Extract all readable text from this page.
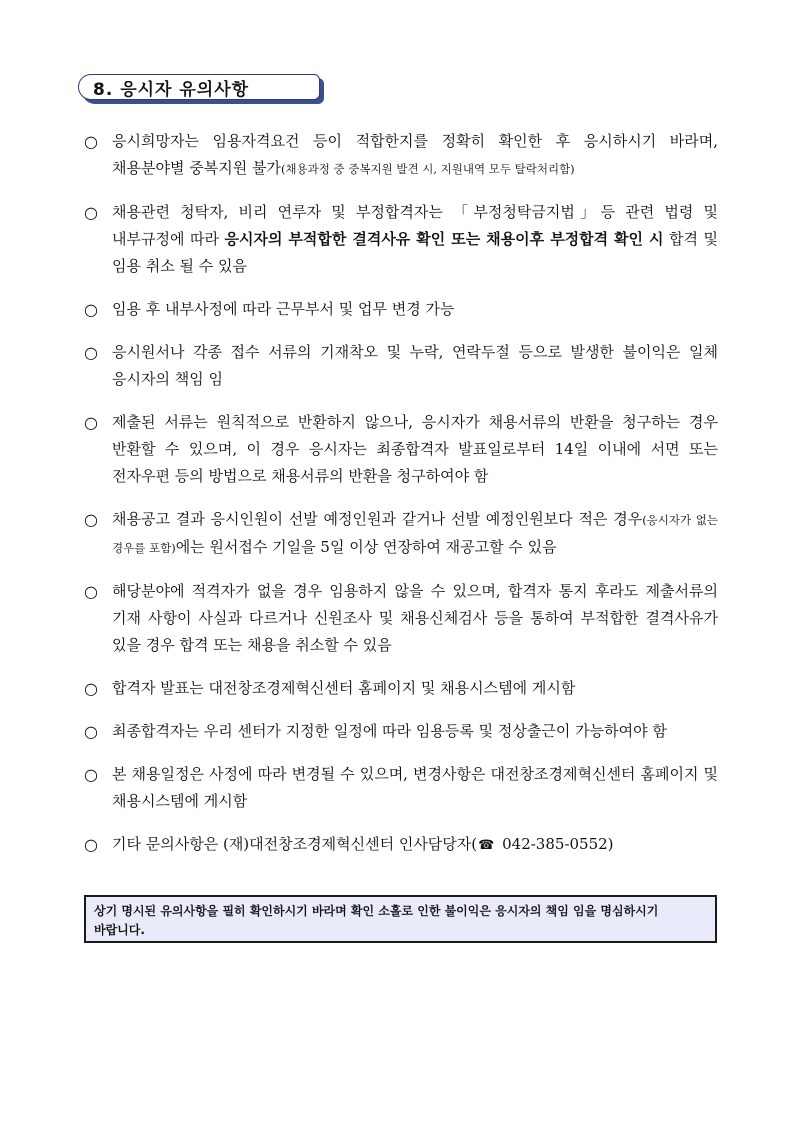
8. 응시자 유의사항
○ 응시희망자는 임용자격요건 등이 적합한지를 정확히 확인한 후 응시하시기 바라며, 채용분야별 중복지원 불가(채용과정 중 중복지원 발견 시, 지원내역 모두 탈락처리함)
○ 채용관련 청탁자, 비리 연루자 및 부정합격자는 「부정청탁금지법」등 관련 법령 및 내부규정에 따라 응시자의 부적합한 결격사유 확인 또는 채용이후 부정합격 확인 시 합격 및 임용 취소 될 수 있음
○ 임용 후 내부사정에 따라 근무부서 및 업무 변경 가능
○ 응시원서나 각종 접수 서류의 기재착오 및 누락, 연락두절 등으로 발생한 불이익은 일체 응시자의 책임 임
○ 제출된 서류는 원칙적으로 반환하지 않으나, 응시자가 채용서류의 반환을 청구하는 경우 반환할 수 있으며, 이 경우 응시자는 최종합격자 발표일로부터 14일 이내에 서면 또는 전자우편 등의 방법으로 채용서류의 반환을 청구하여야 함
○ 채용공고 결과 응시인원이 선발 예정인원과 같거나 선발 예정인원보다 적은 경우(응시자가 없는 경우를 포함)에는 원서접수 기일을 5일 이상 연장하여 재공고할 수 있음
○ 해당분야에 적격자가 없을 경우 임용하지 않을 수 있으며, 합격자 통지 후라도 제출서류의 기재 사항이 사실과 다르거나 신원조사 및 채용신체검사 등을 통하여 부적합한 결격사유가 있을 경우 합격 또는 채용을 취소할 수 있음
○ 합격자 발표는 대전창조경제혁신센터 홈페이지 및 채용시스템에 게시함
○ 최종합격자는 우리 센터가 지정한 일정에 따라 임용등록 및 정상출근이 가능하여야 함
○ 본 채용일정은 사정에 따라 변경될 수 있으며, 변경사항은 대전창조경제혁신센터 홈페이지 및 채용시스템에 게시함
○ 기타 문의사항은 (재)대전창조경제혁신센터 인사담당자(☎ 042-385-0552)
상기 명시된 유의사항을 필히 확인하시기 바라며 확인 소홀로 인한 불이익은 응시자의 책임 임을 명심하시기 바랍니다.
